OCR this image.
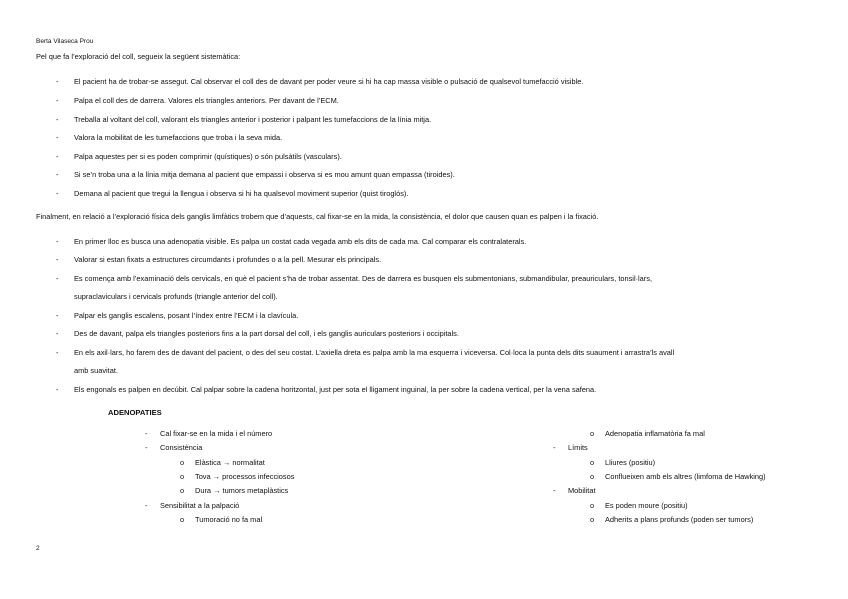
Berta Vilaseca Prou
Pel que fa l’exploració del coll, segueix la següent sistemàtica:
- El pacient ha de trobar-se assegut. Cal observar el coll des de davant per poder veure si hi ha cap massa visible o pulsació de qualsevol tumefacció visible.
- Palpa el coll des de darrera. Valores els triangles anteriors. Per davant de l’ECM.
- Treballa al voltant del coll, valorant els triangles anterior i posterior i palpant les tumefaccions de la línia mitja.
- Valora la mobilitat de les tumefaccions que troba i la seva mida.
- Palpa aquestes per si es poden comprimir (quístiques) o són pulsàtils (vasculars).
- Si se’n troba una a la línia mitja demana al pacient que empassi i observa si es mou amunt quan empassa (tiroides).
- Demana al pacient que tregui la llengua i observa si hi ha qualsevol moviment superior (quist tiroglós).
Finalment, en relació a l’exploració física dels ganglis limfàtics trobem que d’aquests, cal fixar-se en la mida, la consistència, el dolor que causen quan es palpen i la fixació.
- En primer lloc es busca una adenopatia visible. Es palpa un costat cada vegada amb els dits de cada ma. Cal comparar els contralaterals.
- Valorar si estan fixats a estructures circumdants i profundes o a la pell. Mesurar els principals.
- Es comença amb l’examinació dels cervicals, en què el pacient s’ha de trobar assentat. Des de darrera es busquen els submentonians, submandibular, preauriculars, tonsil·lars,
supraclaviculars i cervicals profunds (triangle anterior del coll).
- Palpar els ganglis escalens, posant l’índex entre l’ECM i la clavícula.
- Des de davant, palpa els triangles posteriors fins a la part dorsal del coll, i els ganglis auriculars posteriors i occipitals.
- En els axil·lars, ho farem des de davant del pacient, o des del seu costat. L’axiella dreta es palpa amb la ma esquerra i viceversa. Col·loca la punta dels dits suaument i arrastra’ls avall
amb suavitat.
- Els engonals es palpen en decúbit. Cal palpar sobre la cadena horitzontal, just per sota el lligament inguinal, la per sobre la cadena vertical, per la vena safena.
ADENOPATIES
- Cal fixar-se en la mida i el número
- Consistència
o Elàstica → normalitat
o Tova → processos infecciosos
o Dura → tumors metaplàstics
- Sensibilitat a la palpació
o Tumoració no fa mal
o Adenopatia inflamatòria fa mal
- Límits
o Lliures (positiu)
o Conflueixen amb els altres (limfoma de Hawking)
- Mobilitat
o Es poden moure (positiu)
o Adherits a plans profunds (poden ser tumors)
2
